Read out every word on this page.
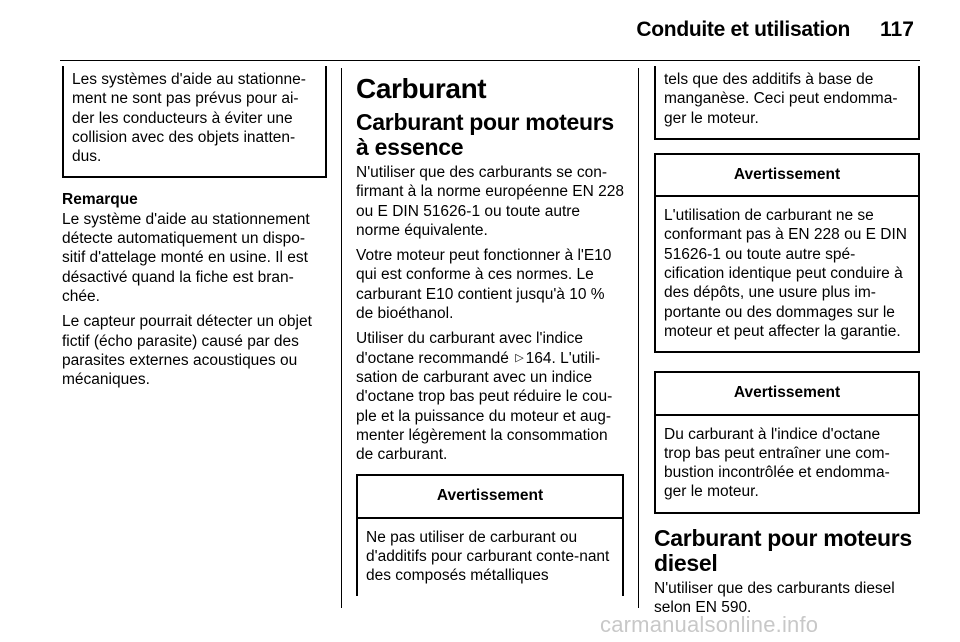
Conduite et utilisation 117
Les systèmes d'aide au stationne-ment ne sont pas prévus pour ai-der les conducteurs à éviter une collision avec des objets inatten-dus.
Remarque

Le système d'aide au stationnement détecte automatiquement un dispo-sitif d'attelage monté en usine. Il est désactivé quand la fiche est bran-chée.

Le capteur pourrait détecter un objet fictif (écho parasite) causé par des parasites externes acoustiques ou mécaniques.

Carburant
Carburant pour moteurs à essence

N'utiliser que des carburants se con-firmant à la norme européenne EN 228 ou E DIN 51626-1 ou toute autre norme équivalente.

Votre moteur peut fonctionner à l'E10 qui est conforme à ces normes. Le carburant E10 contient jusqu'à 10 % de bioéthanol.

Utiliser du carburant avec l'indice d'octane recommandé ▷ 164. L'utili-sation de carburant avec un indice d'octane trop bas peut réduire le cou-ple et la puissance du moteur et aug-menter légèrement la consommation de carburant.

Avertissement
Ne pas utiliser de carburant ou d'additifs pour carburant conte-nant des composés métalliques
tels que des additifs à base de manganèse. Ceci peut endomma-ger le moteur.
Avertissement
L'utilisation de carburant ne se conformant pas à EN 228 ou E DIN 51626-1 ou toute autre spé-cification identique peut conduire à des dépôts, une usure plus im-portante ou des dommages sur le moteur et peut affecter la garantie.
Avertissement
Du carburant à l'indice d'octane trop bas peut entraîner une com-bustion incontrôlée et endomma-ger le moteur.
Carburant pour moteurs diesel

N'utiliser que des carburants diesel selon EN 590.

carmanualsonline.info
